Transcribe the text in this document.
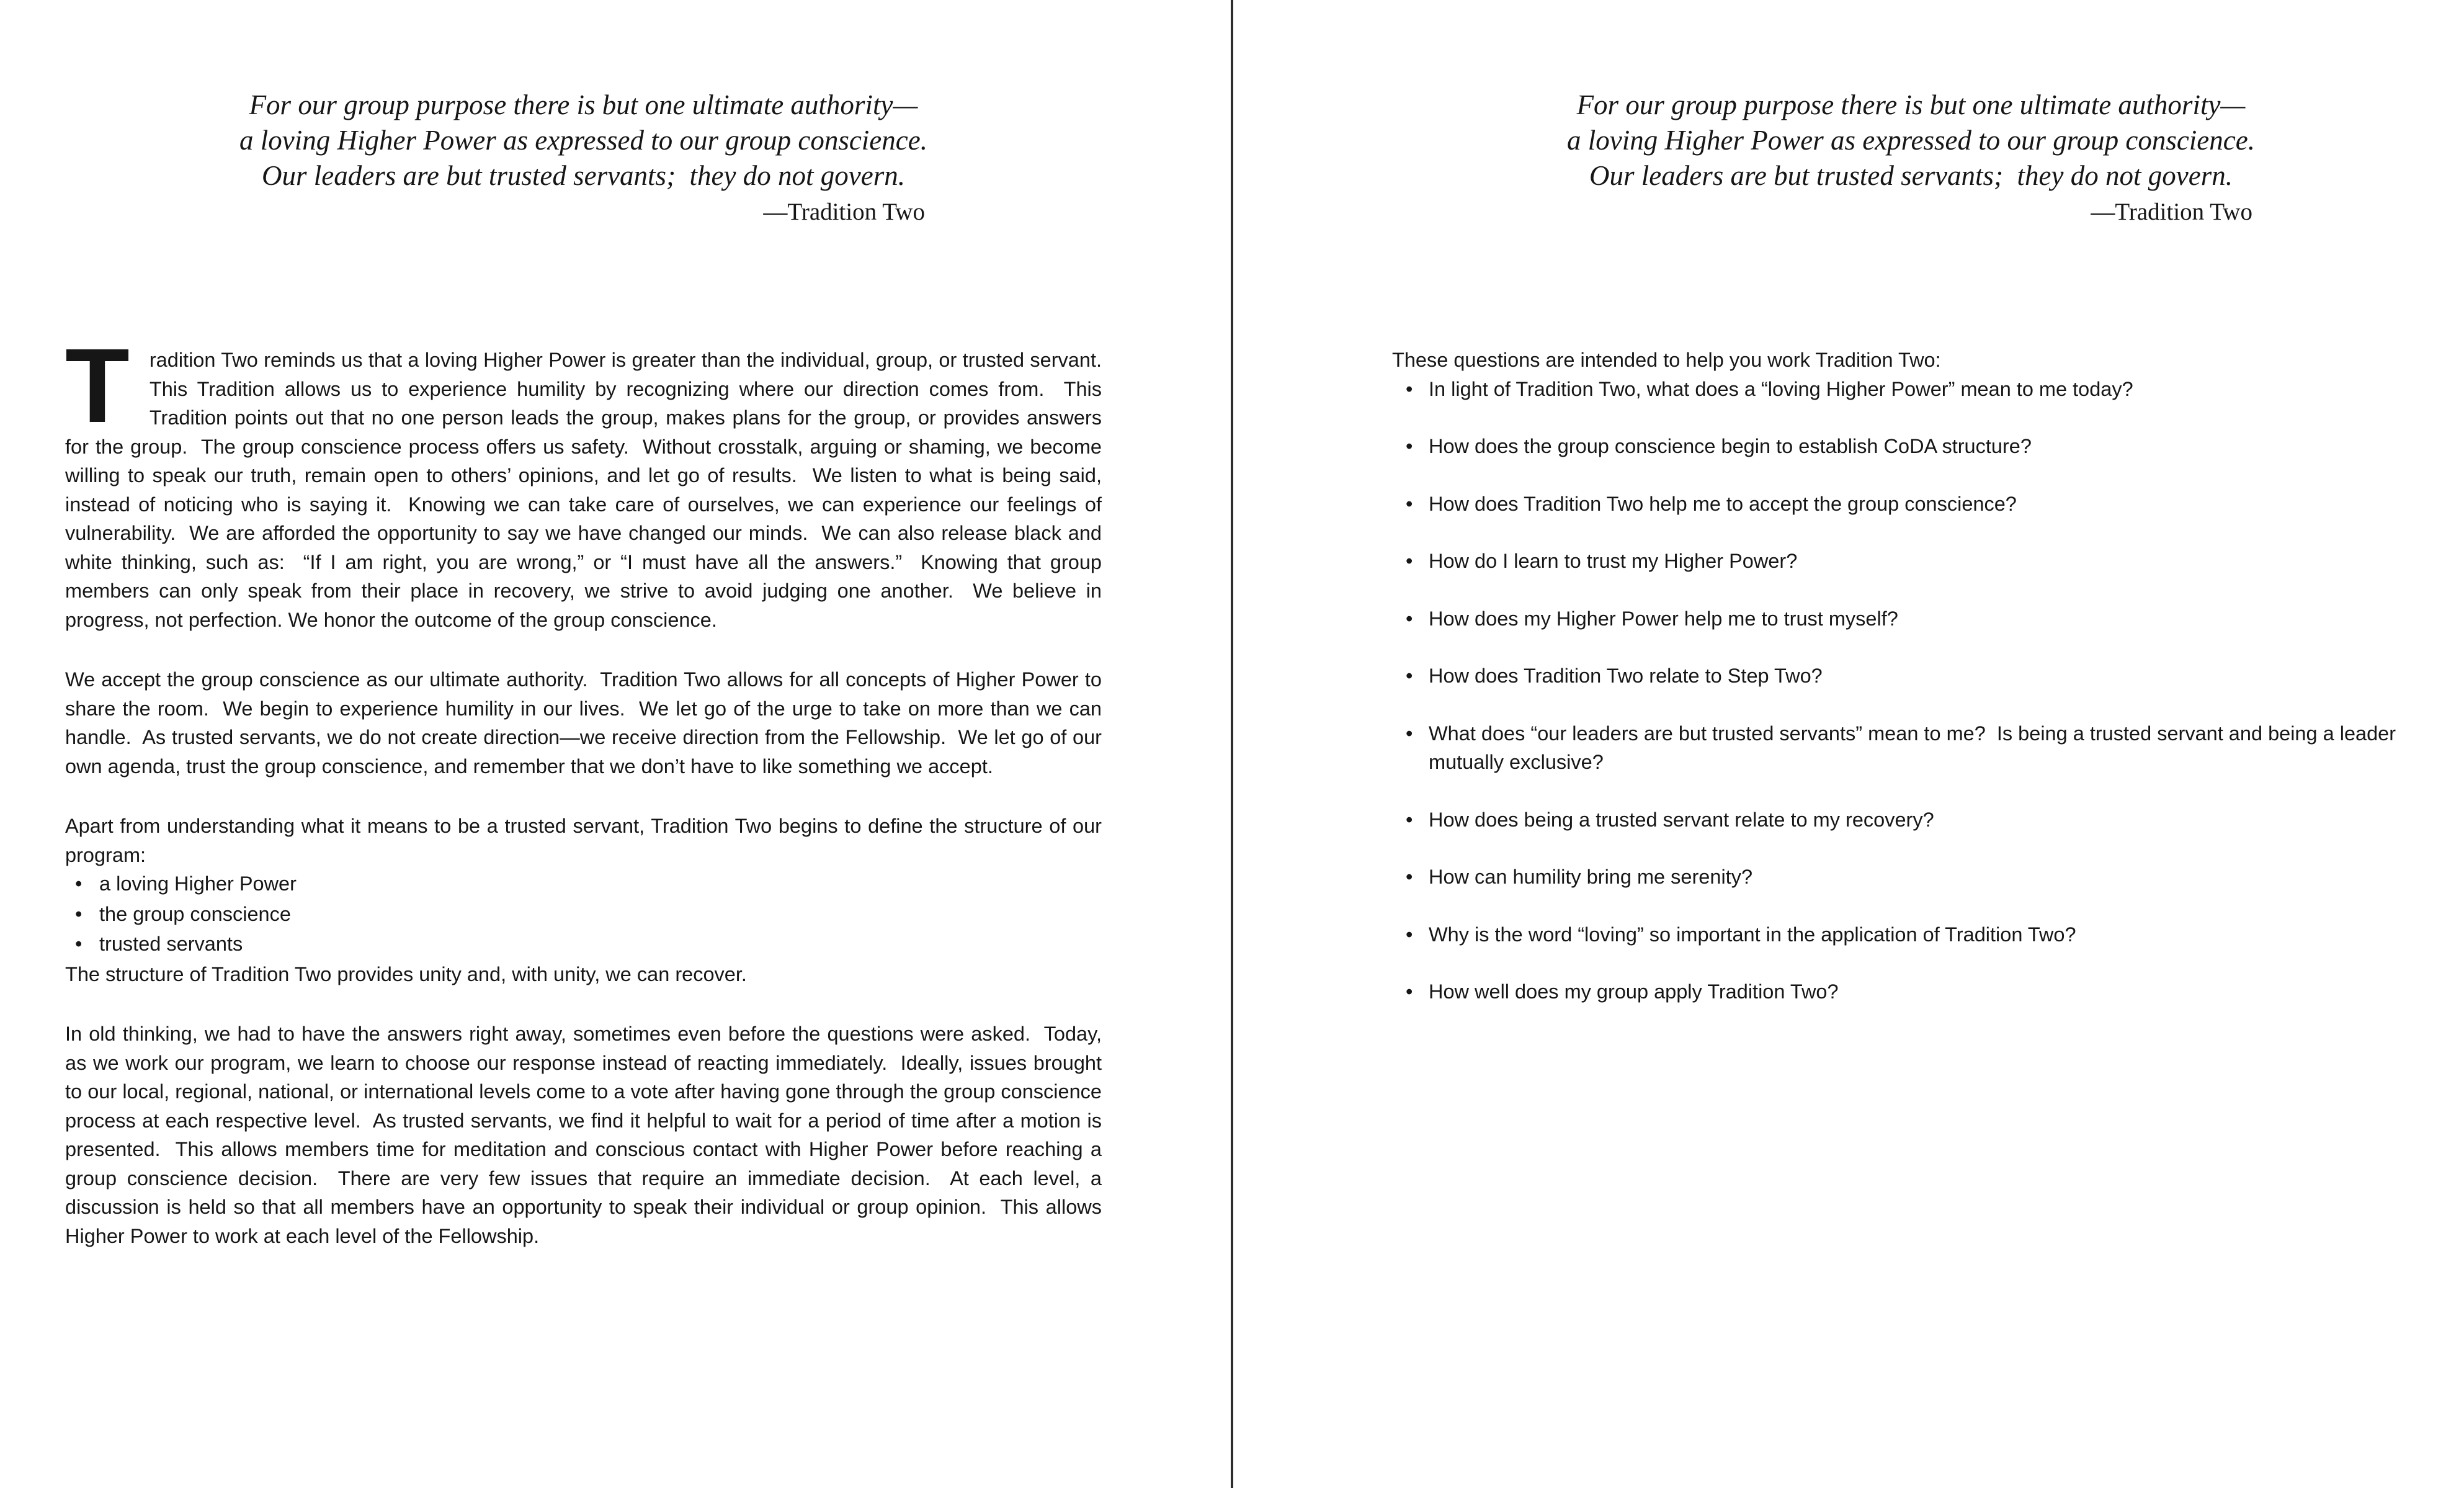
For our group purpose there is but one ultimate authority—
a loving Higher Power as expressed to our group conscience.
Our leaders are but trusted servants;  they do not govern.
—Tradition Two

Tradition Two reminds us that a loving Higher Power is greater than the individual, group, or trusted servant.  This Tradition allows us to experience humility by recognizing where our direction comes from.  This Tradition points out that no one person leads the group, makes plans for the group, or provides answers for the group.  The group conscience process offers us safety.  Without crosstalk, arguing or shaming, we become willing to speak our truth, remain open to others’ opinions, and let go of results.  We listen to what is being said, instead of noticing who is saying it.  Knowing we can take care of ourselves, we can experience our feelings of vulnerability.  We are afforded the opportunity to say we have changed our minds.  We can also release black and white thinking, such as:  “If I am right, you are wrong,” or “I must have all the answers.”  Knowing that group members can only speak from their place in recovery, we strive to avoid judging one another.  We believe in progress, not perfection. We honor the outcome of the group conscience.

We accept the group conscience as our ultimate authority.  Tradition Two allows for all concepts of Higher Power to share the room.  We begin to experience humility in our lives.  We let go of the urge to take on more than we can handle.  As trusted servants, we do not create direction—we receive direction from the Fellowship.  We let go of our own agenda, trust the group conscience, and remember that we don’t have to like something we accept.

Apart from understanding what it means to be a trusted servant, Tradition Two begins to define the structure of our program:

• a loving Higher Power
• the group conscience
• trusted servants

The structure of Tradition Two provides unity and, with unity, we can recover.

In old thinking, we had to have the answers right away, sometimes even before the questions were asked.  Today, as we work our program, we learn to choose our response instead of reacting immediately.  Ideally, issues brought to our local, regional, national, or international levels come to a vote after having gone through the group conscience process at each respective level.  As trusted servants, we find it helpful to wait for a period of time after a motion is presented.  This allows members time for meditation and conscious contact with Higher Power before reaching a group conscience decision.  There are very few issues that require an immediate decision.  At each level, a discussion is held so that all members have an opportunity to speak their individual or group opinion.  This allows Higher Power to work at each level of the Fellowship.

For our group purpose there is but one ultimate authority—
a loving Higher Power as expressed to our group conscience.
Our leaders are but trusted servants;  they do not govern.
—Tradition Two

These questions are intended to help you work Tradition Two:

• In light of Tradition Two, what does a “loving Higher Power” mean to me today?
• How does the group conscience begin to establish CoDA structure?
• How does Tradition Two help me to accept the group conscience?
• How do I learn to trust my Higher Power?
• How does my Higher Power help me to trust myself?
• How does Tradition Two relate to Step Two?
• What does “our leaders are but trusted servants” mean to me?  Is being a trusted servant and being a leader mutually exclusive?
• How does being a trusted servant relate to my recovery?
• How can humility bring me serenity?
• Why is the word “loving” so important in the application of Tradition Two?
• How well does my group apply Tradition Two?
